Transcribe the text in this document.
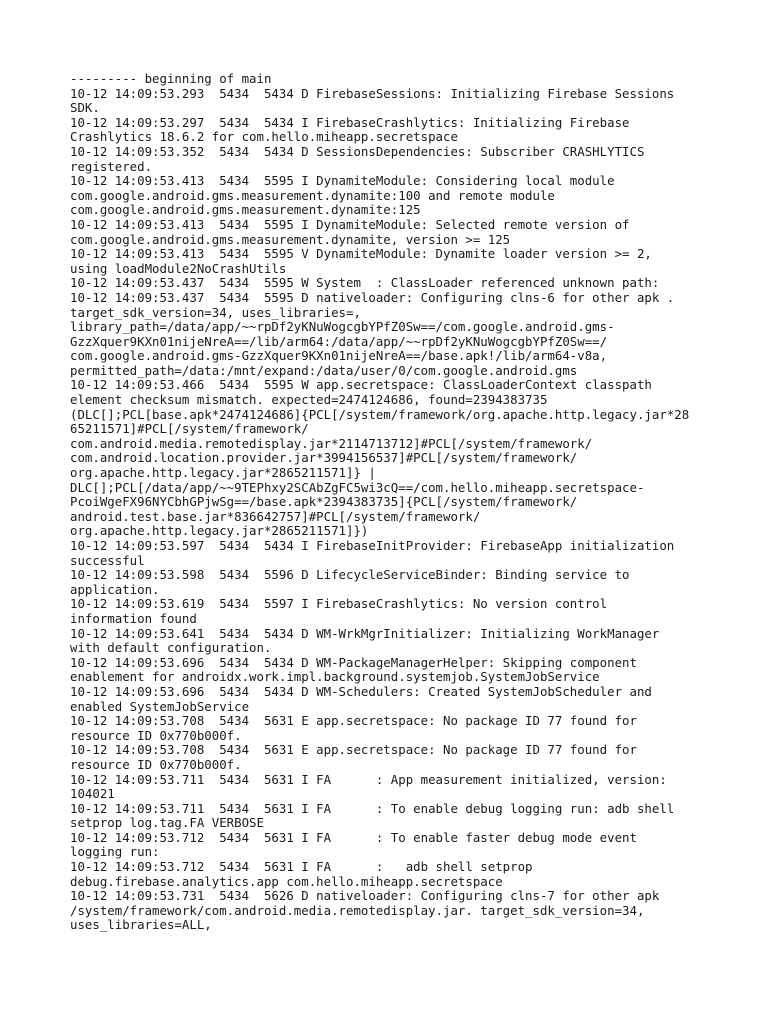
--------- beginning of main
10-12 14:09:53.293  5434  5434 D FirebaseSessions: Initializing Firebase Sessions
SDK.
10-12 14:09:53.297  5434  5434 I FirebaseCrashlytics: Initializing Firebase
Crashlytics 18.6.2 for com.hello.miheapp.secretspace
10-12 14:09:53.352  5434  5434 D SessionsDependencies: Subscriber CRASHLYTICS
registered.
10-12 14:09:53.413  5434  5595 I DynamiteModule: Considering local module
com.google.android.gms.measurement.dynamite:100 and remote module
com.google.android.gms.measurement.dynamite:125
10-12 14:09:53.413  5434  5595 I DynamiteModule: Selected remote version of
com.google.android.gms.measurement.dynamite, version >= 125
10-12 14:09:53.413  5434  5595 V DynamiteModule: Dynamite loader version >= 2,
using loadModule2NoCrashUtils
10-12 14:09:53.437  5434  5595 W System  : ClassLoader referenced unknown path:
10-12 14:09:53.437  5434  5595 D nativeloader: Configuring clns-6 for other apk .
target_sdk_version=34, uses_libraries=,
library_path=/data/app/~~rpDf2yKNuWogcgbYPfZ0Sw==/com.google.android.gms-
GzzXquer9KXn01nijeNreA==/lib/arm64:/data/app/~~rpDf2yKNuWogcgbYPfZ0Sw==/
com.google.android.gms-GzzXquer9KXn01nijeNreA==/base.apk!/lib/arm64-v8a,
permitted_path=/data:/mnt/expand:/data/user/0/com.google.android.gms
10-12 14:09:53.466  5434  5595 W app.secretspace: ClassLoaderContext classpath
element checksum mismatch. expected=2474124686, found=2394383735
(DLC[];PCL[base.apk*2474124686]{PCL[/system/framework/org.apache.http.legacy.jar*28
65211571]#PCL[/system/framework/
com.android.media.remotedisplay.jar*2114713712]#PCL[/system/framework/
com.android.location.provider.jar*3994156537]#PCL[/system/framework/
org.apache.http.legacy.jar*2865211571]} |
DLC[];PCL[/data/app/~~9TEPhxy2SCAbZgFC5wi3cQ==/com.hello.miheapp.secretspace-
PcoiWgeFX96NYCbhGPjwSg==/base.apk*2394383735]{PCL[/system/framework/
android.test.base.jar*836642757]#PCL[/system/framework/
org.apache.http.legacy.jar*2865211571]})
10-12 14:09:53.597  5434  5434 I FirebaseInitProvider: FirebaseApp initialization
successful
10-12 14:09:53.598  5434  5596 D LifecycleServiceBinder: Binding service to
application.
10-12 14:09:53.619  5434  5597 I FirebaseCrashlytics: No version control
information found
10-12 14:09:53.641  5434  5434 D WM-WrkMgrInitializer: Initializing WorkManager
with default configuration.
10-12 14:09:53.696  5434  5434 D WM-PackageManagerHelper: Skipping component
enablement for androidx.work.impl.background.systemjob.SystemJobService
10-12 14:09:53.696  5434  5434 D WM-Schedulers: Created SystemJobScheduler and
enabled SystemJobService
10-12 14:09:53.708  5434  5631 E app.secretspace: No package ID 77 found for
resource ID 0x770b000f.
10-12 14:09:53.708  5434  5631 E app.secretspace: No package ID 77 found for
resource ID 0x770b000f.
10-12 14:09:53.711  5434  5631 I FA      : App measurement initialized, version:
104021
10-12 14:09:53.711  5434  5631 I FA      : To enable debug logging run: adb shell
setprop log.tag.FA VERBOSE
10-12 14:09:53.712  5434  5631 I FA      : To enable faster debug mode event
logging run:
10-12 14:09:53.712  5434  5631 I FA      :   adb shell setprop
debug.firebase.analytics.app com.hello.miheapp.secretspace
10-12 14:09:53.731  5434  5626 D nativeloader: Configuring clns-7 for other apk
/system/framework/com.android.media.remotedisplay.jar. target_sdk_version=34,
uses_libraries=ALL,
